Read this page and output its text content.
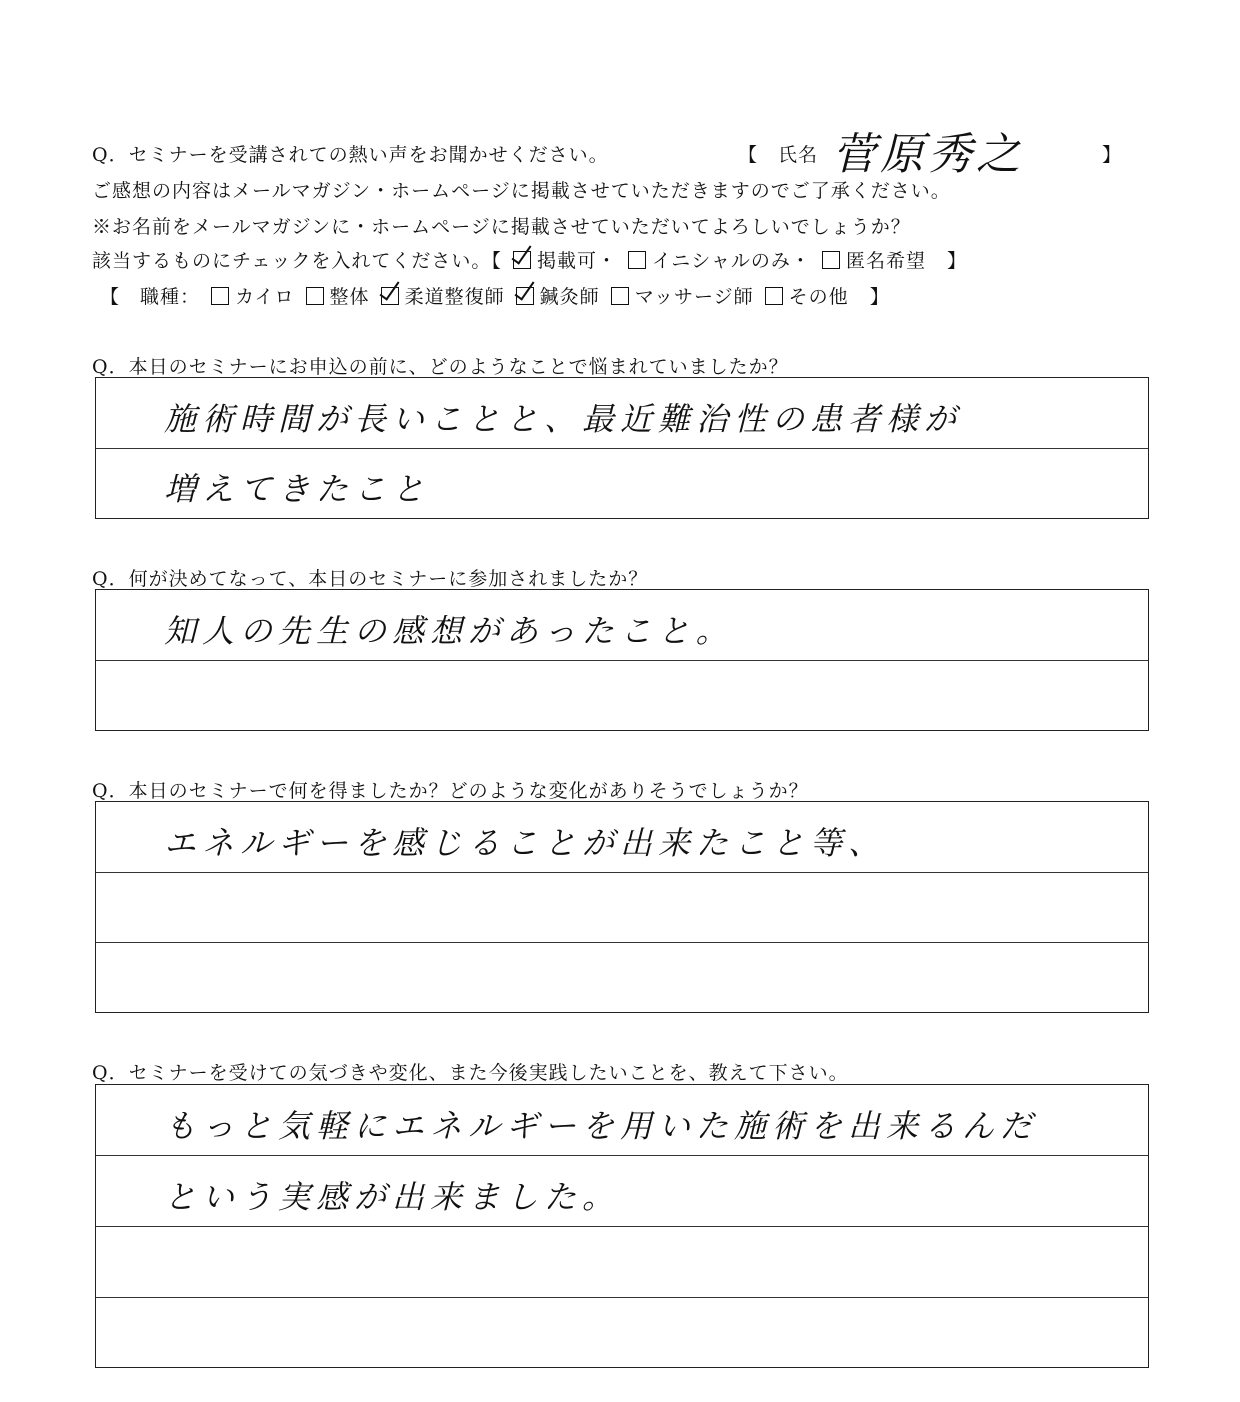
Q．セミナーを受講されての熱い声をお聞かせください。	【　氏名 菅原秀之	】
ご感想の内容はメールマガジン・ホームページに掲載させていただきますのでご了承ください。
※お名前をメールマガジンに・ホームページに掲載させていただいてよろしいでしょうか？
該当するものにチェックを入れてください。【 掲載可・ イニシャルのみ・ 匿名希望 】
【　職種： カイロ 整体 柔道整復師 鍼灸師 マッサージ師 その他 】
Q．本日のセミナーにお申込の前に、どのようなことで悩まれていましたか？
施術時間が長いことと、最近難治性の患者様が
増えてきたこと
Q．何が決めてなって、本日のセミナーに参加されましたか？
知人の先生の感想があったこと。
Q．本日のセミナーで何を得ましたか？どのような変化がありそうでしょうか？
エネルギーを感じることが出来たこと等、
Q．セミナーを受けての気づきや変化、また今後実践したいことを、教えて下さい。
もっと気軽にエネルギーを用いた施術を出来るんだ
という実感が出来ました。
